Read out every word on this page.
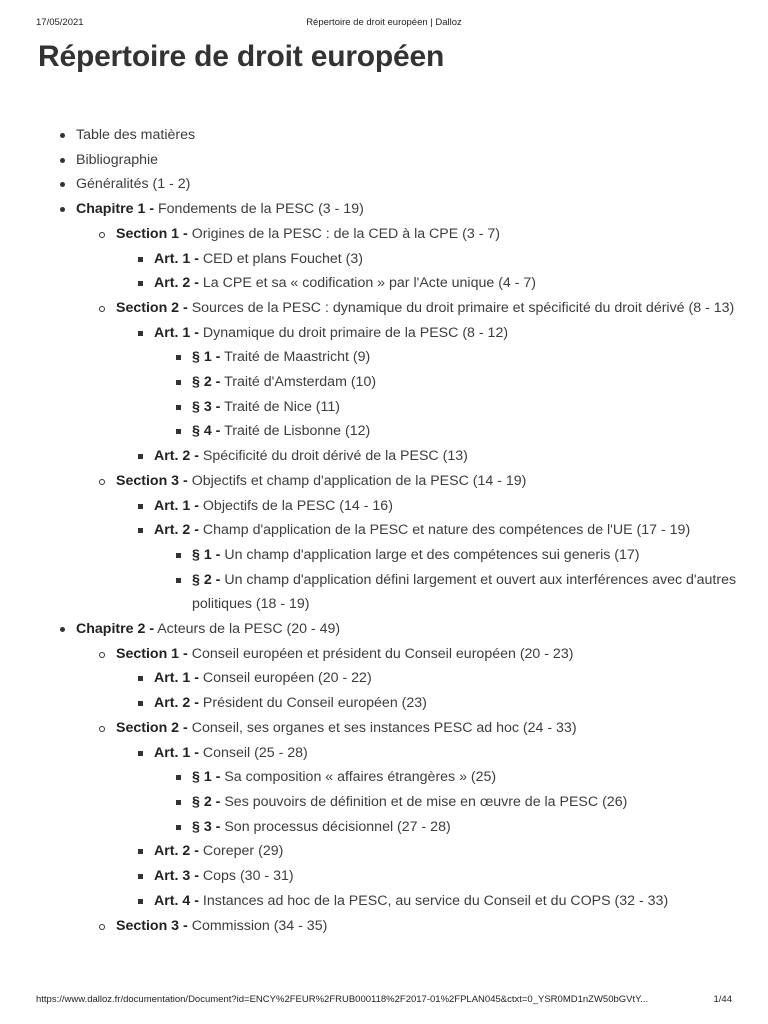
17/05/2021	Répertoire de droit européen | Dalloz
Répertoire de droit européen
Table des matières
Bibliographie
Généralités (1 - 2)
Chapitre 1 - Fondements de la PESC (3 - 19)
Section 1 - Origines de la PESC : de la CED à la CPE (3 - 7)
Art. 1 - CED et plans Fouchet (3)
Art. 2 - La CPE et sa « codification » par l'Acte unique (4 - 7)
Section 2 - Sources de la PESC : dynamique du droit primaire et spécificité du droit dérivé (8 - 13)
Art. 1 - Dynamique du droit primaire de la PESC (8 - 12)
§ 1 - Traité de Maastricht (9)
§ 2 - Traité d'Amsterdam (10)
§ 3 - Traité de Nice (11)
§ 4 - Traité de Lisbonne (12)
Art. 2 - Spécificité du droit dérivé de la PESC (13)
Section 3 - Objectifs et champ d'application de la PESC (14 - 19)
Art. 1 - Objectifs de la PESC (14 - 16)
Art. 2 - Champ d'application de la PESC et nature des compétences de l'UE (17 - 19)
§ 1 - Un champ d'application large et des compétences sui generis (17)
§ 2 - Un champ d'application défini largement et ouvert aux interférences avec d'autres politiques (18 - 19)
Chapitre 2 - Acteurs de la PESC (20 - 49)
Section 1 - Conseil européen et président du Conseil européen (20 - 23)
Art. 1 - Conseil européen (20 - 22)
Art. 2 - Président du Conseil européen (23)
Section 2 - Conseil, ses organes et ses instances PESC ad hoc (24 - 33)
Art. 1 - Conseil (25 - 28)
§ 1 - Sa composition « affaires étrangères » (25)
§ 2 - Ses pouvoirs de définition et de mise en œuvre de la PESC (26)
§ 3 - Son processus décisionnel (27 - 28)
Art. 2 - Coreper (29)
Art. 3 - Cops (30 - 31)
Art. 4 - Instances ad hoc de la PESC, au service du Conseil et du COPS (32 - 33)
Section 3 - Commission (34 - 35)
https://www.dalloz.fr/documentation/Document?id=ENCY%2FEUR%2FRUB000118%2F2017-01%2FPLAN045&ctxt=0_YSR0MD1nZW50bGVtY...	1/44
